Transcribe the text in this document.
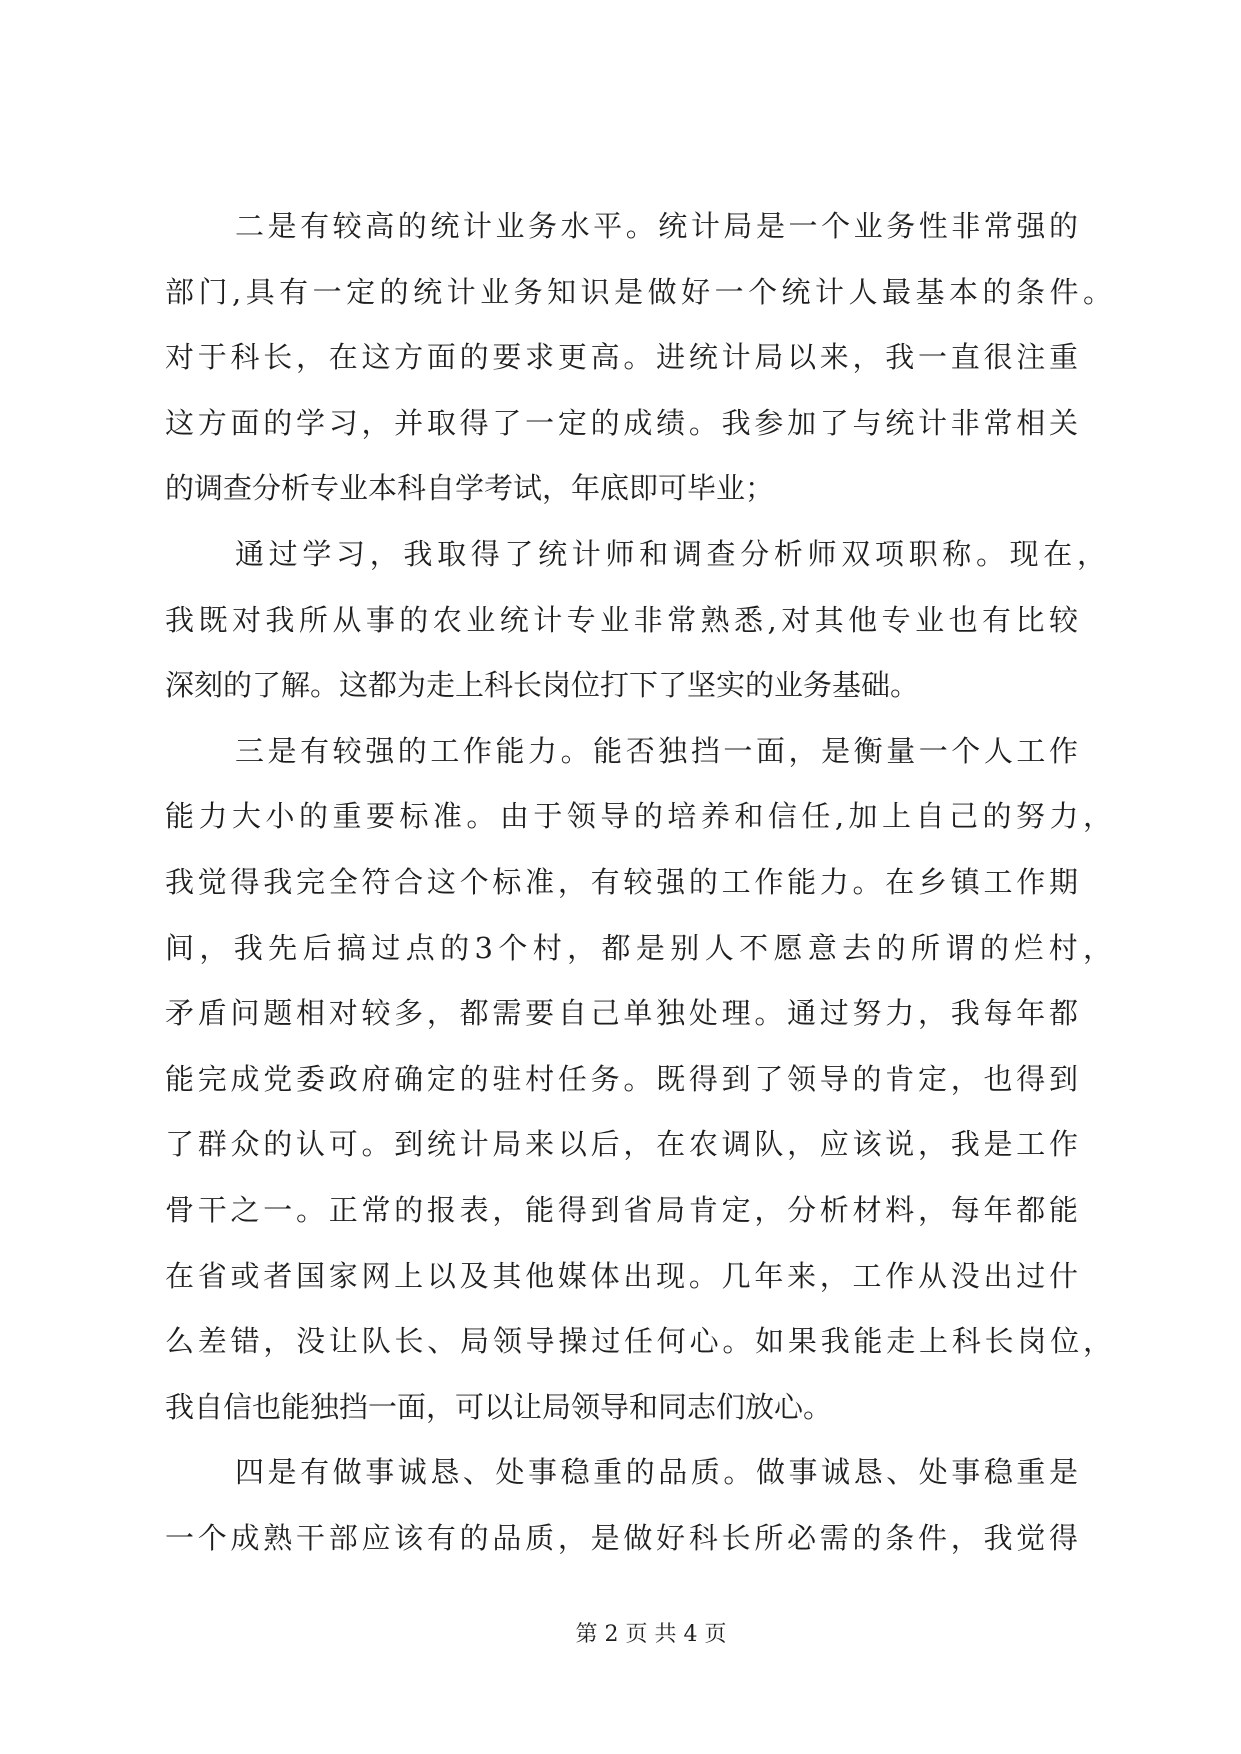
二是有较高的统计业务水平。统计局是一个业务性非常强的
部门,具有一定的统计业务知识是做好一个统计人最基本的条件。
对于科长，在这方面的要求更高。进统计局以来，我一直很注重
这方面的学习，并取得了一定的成绩。我参加了与统计非常相关
的调查分析专业本科自学考试，年底即可毕业；
通过学习，我取得了统计师和调查分析师双项职称。现在，
我既对我所从事的农业统计专业非常熟悉,对其他专业也有比较
深刻的了解。这都为走上科长岗位打下了坚实的业务基础。
三是有较强的工作能力。能否独挡一面，是衡量一个人工作
能力大小的重要标准。由于领导的培养和信任,加上自己的努力，
我觉得我完全符合这个标准，有较强的工作能力。在乡镇工作期
间，我先后搞过点的3个村，都是别人不愿意去的所谓的烂村，
矛盾问题相对较多，都需要自己单独处理。通过努力，我每年都
能完成党委政府确定的驻村任务。既得到了领导的肯定，也得到
了群众的认可。到统计局来以后，在农调队，应该说，我是工作
骨干之一。正常的报表，能得到省局肯定，分析材料，每年都能
在省或者国家网上以及其他媒体出现。几年来，工作从没出过什
么差错，没让队长、局领导操过任何心。如果我能走上科长岗位，
我自信也能独挡一面，可以让局领导和同志们放心。
四是有做事诚恳、处事稳重的品质。做事诚恳、处事稳重是
一个成熟干部应该有的品质，是做好科长所必需的条件，我觉得
第 2 页 共 4 页
